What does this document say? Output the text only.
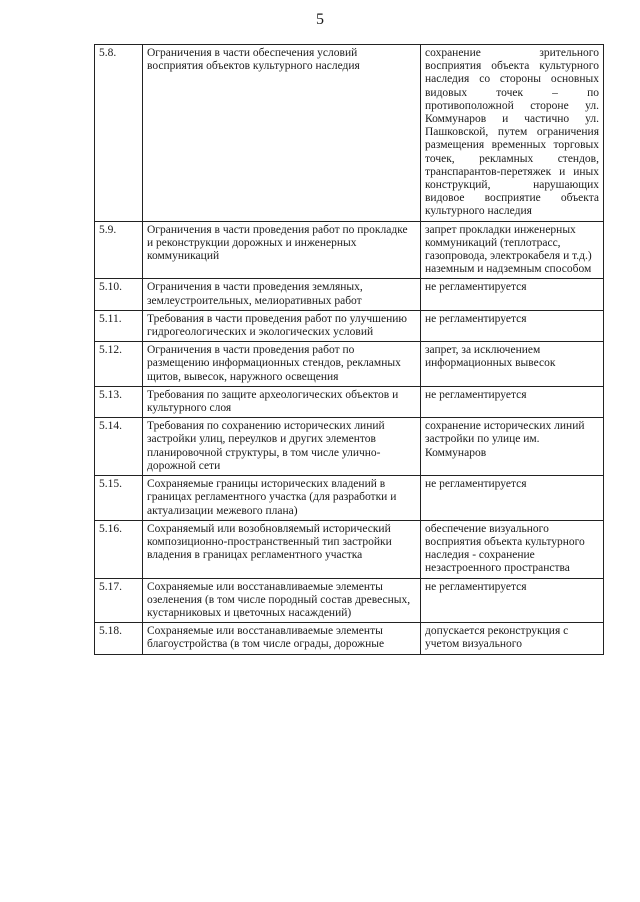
5
5.8.	Ограничения в части обеспечения условий восприятия объектов культурного наследия	сохранение зрительного восприятия объекта культурного наследия со стороны основных видовых точек – по противоположной стороне ул. Коммунаров и частично ул. Пашковской, путем ограничения размещения временных торговых точек, рекламных стендов, транспарантов-перетяжек и иных конструкций, нарушающих видовое восприятие объекта культурного наследия
5.9.	Ограничения в части проведения работ по прокладке и реконструкции дорожных и инженерных коммуникаций	запрет прокладки инженерных коммуникаций (теплотрасс, газопровода, электрокабеля и т.д.) наземным и надземным способом
5.10.	Ограничения в части проведения земляных, землеустроительных, мелиоративных работ	не регламентируется
5.11.	Требования в части проведения работ по улучшению гидрогеологических и экологических условий	не регламентируется
5.12.	Ограничения в части проведения работ по размещению информационных стендов, рекламных щитов, вывесок, наружного освещения	запрет, за исключением информационных вывесок
5.13.	Требования по защите археологических объектов и культурного слоя	не регламентируется
5.14.	Требования по сохранению исторических линий застройки улиц, переулков и других элементов планировочной структуры, в том числе улично-дорожной сети	сохранение исторических линий застройки по улице им. Коммунаров
5.15.	Сохраняемые границы исторических владений в границах регламентного участка (для разработки и актуализации межевого плана)	не регламентируется
5.16.	Сохраняемый или возобновляемый исторический композиционно-пространственный тип застройки владения в границах регламентного участка	обеспечение визуального восприятия объекта культурного наследия - сохранение незастроенного пространства
5.17.	Сохраняемые или восстанавливаемые элементы озеленения (в том числе породный состав древесных, кустарниковых и цветочных насаждений)	не регламентируется
5.18.	Сохраняемые или восстанавливаемые элементы благоустройства (в том числе ограды, дорожные	допускается реконструкция с учетом визуального
